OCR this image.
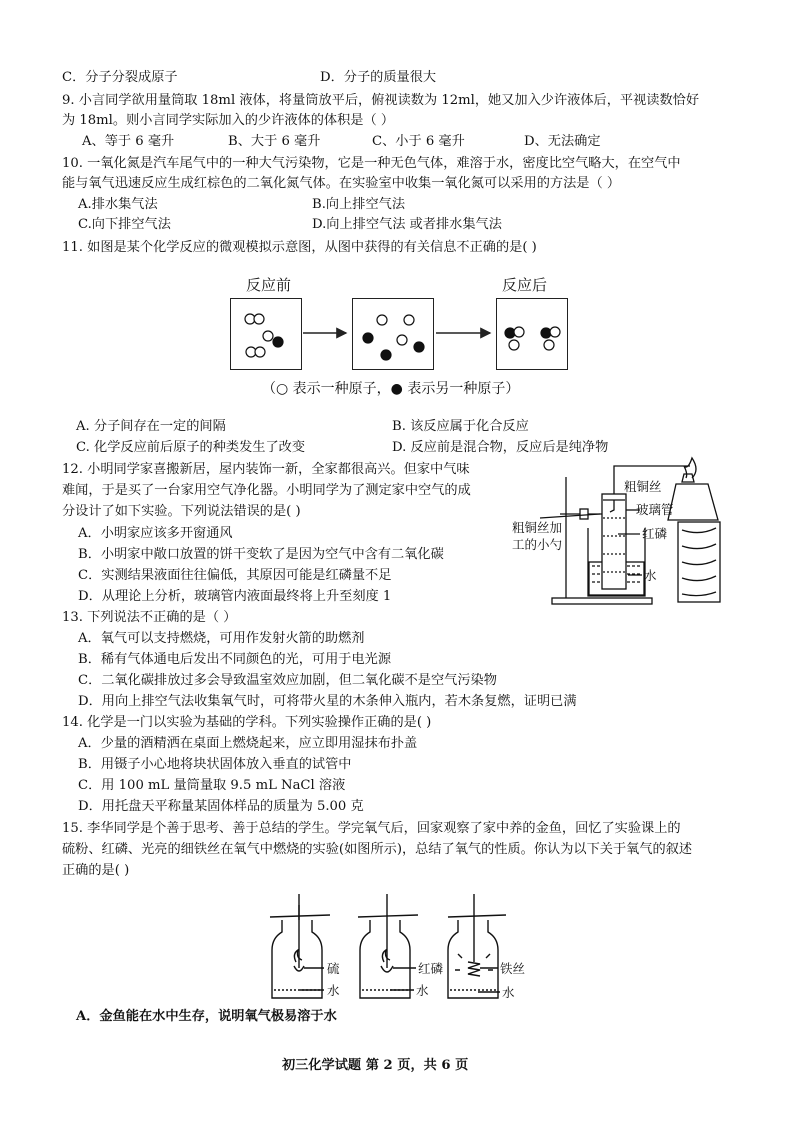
C．分子分裂成原子	D．分子的质量很大
9. 小言同学欲用量筒取 18ml 液体，将量筒放平后，俯视读数为 12ml，她又加入少许液体后，平视读数恰好
为 18ml。则小言同学实际加入的少许液体的体积是（ ）
A、等于 6 毫升	B、大于 6 毫升	C、小于 6 毫升	D、无法确定
10. 一氧化氮是汽车尾气中的一种大气污染物，它是一种无色气体，难溶于水，密度比空气略大，在空气中
能与氧气迅速反应生成红棕色的二氧化氮气体。在实验室中收集一氧化氮可以采用的方法是（ ）
A.排水集气法	B.向上排空气法
C.向下排空气法	D.向上排空气法 或者排水集气法
11. 如图是某个化学反应的微观模拟示意图，从图中获得的有关信息不正确的是( )
反应前	反应后
（○ 表示一种原子，● 表示另一种原子）
A. 分子间存在一定的间隔	B. 该反应属于化合反应
C. 化学反应前后原子的种类发生了改变	D. 反应前是混合物，反应后是纯净物
12. 小明同学家喜搬新居，屋内装饰一新，全家都很高兴。但家中气味
难闻，于是买了一台家用空气净化器。小明同学为了测定家中空气的成
分设计了如下实验。下列说法错误的是( )
A．小明家应该多开窗通风
B．小明家中敞口放置的饼干变软了是因为空气中含有二氧化碳
C．实测结果液面往往偏低，其原因可能是红磷量不足
D．从理论上分析，玻璃管内液面最终将上升至刻度 1
粗铜丝
玻璃管
红磷
粗铜丝加
工的小勺
水
13. 下列说法不正确的是（ ）
A．氧气可以支持燃烧，可用作发射火箭的助燃剂
B．稀有气体通电后发出不同颜色的光，可用于电光源
C．二氧化碳排放过多会导致温室效应加剧，但二氧化碳不是空气污染物
D．用向上排空气法收集氧气时，可将带火星的木条伸入瓶内，若木条复燃，证明已满
14. 化学是一门以实验为基础的学科。下列实验操作正确的是( )
A．少量的酒精洒在桌面上燃烧起来，应立即用湿抹布扑盖
B．用镊子小心地将块状固体放入垂直的试管中
C．用 100 mL 量筒量取 9.5 mL NaCl 溶液
D．用托盘天平称量某固体样品的质量为 5.00 克
15. 李华同学是个善于思考、善于总结的学生。学完氧气后，回家观察了家中养的金鱼，回忆了实验课上的
硫粉、红磷、光亮的细铁丝在氧气中燃烧的实验(如图所示)，总结了氧气的性质。你认为以下关于氧气的叙述
正确的是( )
硫
水
红磷
水
铁丝
水
A．金鱼能在水中生存，说明氧气极易溶于水
初三化学试题 第 2 页，共 6 页
